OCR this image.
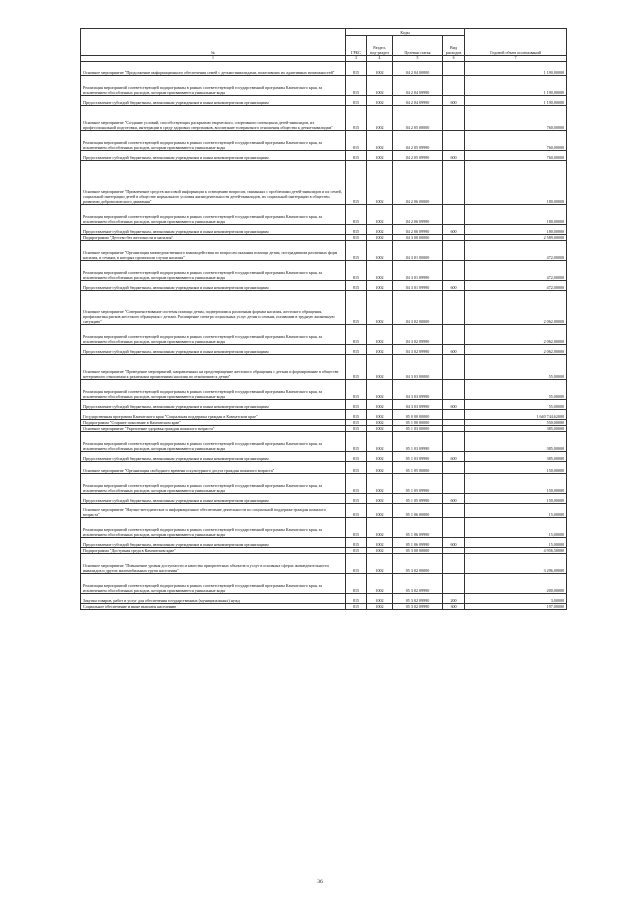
№	Коды				Годовой объем ассигнований
	ГРБС	Раздел, под-раздел	Целевая статья	Вид расходов	
1	3	4	5	6	7
Основное мероприятие "Продолжение информационного обеспечения семей с детьми-инвалидами, пожелавших их адаптивных возможностей"	815	1002	04 2 04 00000		1 190,00000
Реализация мероприятий соответствующей подпрограммы в рамках соответствующей государственной программы Камчатского края, за исключением обособленных расходов, которым присваиваются уникальные коды	815	1002	04 2 04 09990		1 190,00000
Предоставление субсидий бюджетным, автономным учреждениям и иным некоммерческим организациям	815	1002	04 2 04 09990	600	1 190,00000
Основное мероприятие "Создание условий, способствующих раскрытию творческого, спортивного потенциала детей-инвалидов, их профессиональной подготовки, интеграции в среду здоровых сверстников, воспитание толерантного отношения общества к детям-инвалидам"	815	1002	04 2 05 00000		760,00000
Реализация мероприятий соответствующей подпрограммы в рамках соответствующей государственной программы Камчатского края, за исключением обособленных расходов, которым присваиваются уникальные коды	815	1002	04 2 05 09990		760,00000
Предоставление субсидий бюджетным, автономным учреждениям и иным некоммерческим организациям	815	1002	04 2 05 09990	600	760,00000
Основное мероприятие "Привлечение средств массовой информации к освещению вопросов, связанных с проблемами детей-инвалидов и их семей, социальной интеграции детей в обществе нормального условия жизнедеятельности детей-инвалидов, их социальной интеграции в общество, развитию добровольческого движения"	815	1002	04 2 06 00000		180,00000
Реализация мероприятий соответствующей подпрограммы в рамках соответствующей государственной программы Камчатского края, за исключением обособленных расходов, которым присваиваются уникальные коды	815	1002	04 2 06 09990		180,00000
Предоставление субсидий бюджетным, автономным учреждениям и иным некоммерческим организациям	815	1002	04 2 06 09990	600	180,00000
Подпрограмма "Детство без жестокости и насилия"	815	1002	04 3 00 00000		2 589,00000
Основное мероприятие "Организация межведомственного взаимодействия по вопросам оказания помощи детям, пострадавшим различных форм насилия, и семьям, в которых произошли случаи насилия"	815	1002	04 3 01 00000		472,00000
Реализация мероприятий соответствующей подпрограммы в рамках соответствующей государственной программы Камчатского края, за исключением обособленных расходов, которым присваиваются уникальные коды	815	1002	04 3 01 09990		472,00000
Предоставление субсидий бюджетным, автономным учреждениям и иным некоммерческим организациям	815	1002	04 3 01 09990	600	472,00000
Основное мероприятие "Совершенствование системы помощи детям, подвергшимся различным формам насилия, жестокого обращения, профилактика рисков жестокого обращения с детьми. Расширение спектра социальных услуг детям и семьям, попавшим в трудную жизненную ситуацию"	815	1002	04 3 02 00000		2 062,00000
Реализация мероприятий соответствующей подпрограммы в рамках соответствующей государственной программы Камчатского края, за исключением обособленных расходов, которым присваиваются уникальные коды	815	1002	04 3 02 09990		2 062,00000
Предоставление субсидий бюджетным, автономным учреждениям и иным некоммерческим организациям	815	1002	04 3 02 09990	600	2 062,00000
Основное мероприятие "Проведение мероприятий, направленных на предотвращение жестокого обращения с детьми и формирование в обществе нетерпимого отношения к различным проявлениям насилия по отношению к детям"	815	1002	04 3 03 00000		55,00000
Реализация мероприятий соответствующей подпрограммы в рамках соответствующей государственной программы Камчатского края, за исключением обособленных расходов, которым присваиваются уникальные коды	815	1002	04 3 03 09990		55,00000
Предоставление субсидий бюджетным, автономным учреждениям и иным некоммерческим организациям	815	1002	04 3 03 09990	600	55,00000
Государственная программа Камчатского края "Социальная поддержка граждан в Камчатском крае"	815	1002	05 0 00 00000		1 640 744,62000
Подпрограмма "Старшее поколение в Камчатском крае"	815	1002	05 1 00 00000		550,00000
Основное мероприятие "Укрепление здоровья граждан пожилого возраста"	815	1002	05 1 03 00000		385,00000
Реализация мероприятий соответствующей подпрограммы в рамках соответствующей государственной программы Камчатского края, за исключением обособленных расходов, которым присваиваются уникальные коды	815	1002	05 1 03 09990		385,00000
Предоставление субсидий бюджетным, автономным учреждениям и иным некоммерческим организациям	815	1002	05 1 03 09990	600	385,00000
Основное мероприятие "Организация свободного времени и культурного досуга граждан пожилого возраста"	815	1002	05 1 05 00000		150,00000
Реализация мероприятий соответствующей подпрограммы в рамках соответствующей государственной программы Камчатского края, за исключением обособленных расходов, которым присваиваются уникальные коды	815	1002	05 1 05 09990		150,00000
Предоставление субсидий бюджетным, автономным учреждениям и иным некоммерческим организациям	815	1002	05 1 05 09990	600	150,00000
Основное мероприятие "Научно-методическое и информационное обеспечение деятельности по социальной поддержке граждан пожилого возраста"	815	1002	05 1 06 00000		15,00000
Реализация мероприятий соответствующей подпрограммы в рамках соответствующей государственной программы Камчатского края, за исключением обособленных расходов, которым присваиваются уникальные коды	815	1002	05 1 06 09990		15,00000
Предоставление субсидий бюджетным, автономным учреждениям и иным некоммерческим организациям	815	1002	05 1 06 09990	600	15,00000
Подпрограмма "Доступная среда в Камчатском крае"	815	1002	05 3 00 00000		4 956,50000
Основное мероприятие "Повышение уровня доступности и качества приоритетных объектов и услуг в основных сферах жизнедеятельности инвалидов и других маломобильных групп населения"	815	1002	05 3 02 00000		3 296,00000
Реализация мероприятий соответствующей подпрограммы в рамках соответствующей государственной программы Камчатского края, за исключением обособленных расходов, которым присваиваются уникальные коды	815	1002	05 3 02 09990		200,00000
Закупка товаров, работ и услуг для обеспечения государственных (муниципальных) нужд	815	1002	05 3 02 09990	200	3,00000
Социальное обеспечение и иные выплаты населению	815	1002	05 3 02 09990	300	197,00000
36
